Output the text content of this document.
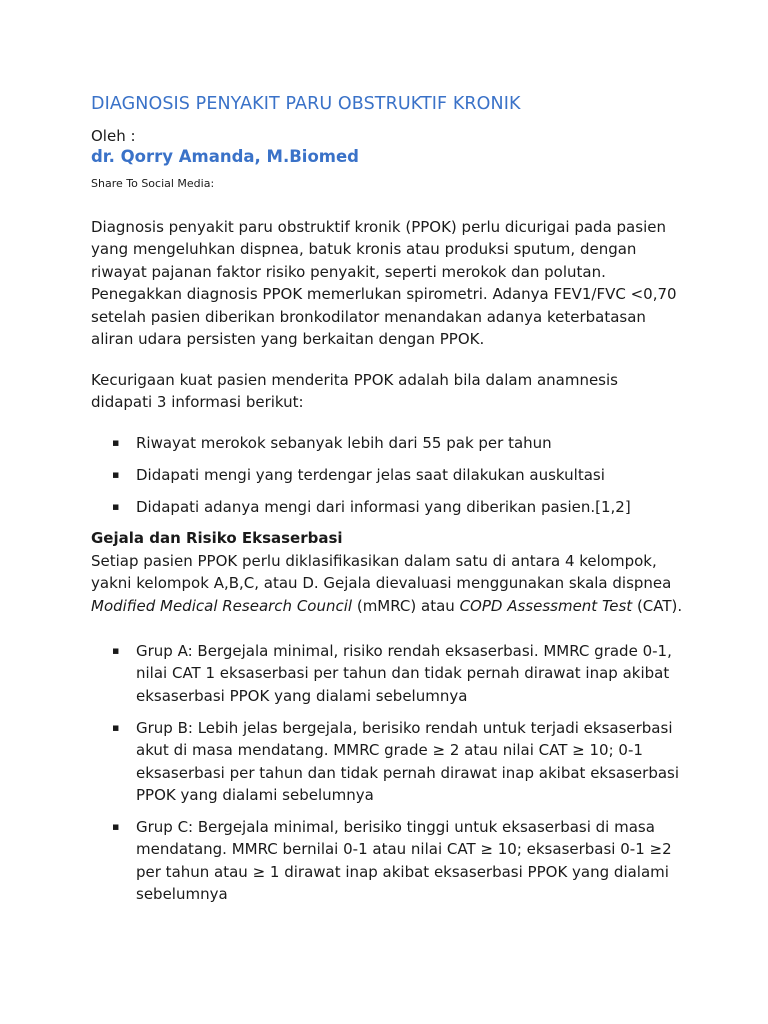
DIAGNOSIS PENYAKIT PARU OBSTRUKTIF KRONIK

Oleh :

dr. Qorry Amanda, M.Biomed

Share To Social Media:

Diagnosis penyakit paru obstruktif kronik (PPOK) perlu dicurigai pada pasien yang mengeluhkan dispnea, batuk kronis atau produksi sputum, dengan riwayat pajanan faktor risiko penyakit, seperti merokok dan polutan. Penegakkan diagnosis PPOK memerlukan spirometri. Adanya FEV1/FVC <0,70 setelah pasien diberikan bronkodilator menandakan adanya keterbatasan aliran udara persisten yang berkaitan dengan PPOK.

Kecurigaan kuat pasien menderita PPOK adalah bila dalam anamnesis didapati 3 informasi berikut:

▪ Riwayat merokok sebanyak lebih dari 55 pak per tahun
▪ Didapati mengi yang terdengar jelas saat dilakukan auskultasi
▪ Didapati adanya mengi dari informasi yang diberikan pasien.[1,2]
Gejala dan Risiko Eksaserbasi

Setiap pasien PPOK perlu diklasifikasikan dalam satu di antara 4 kelompok, yakni kelompok A,B,C, atau D. Gejala dievaluasi menggunakan skala dispnea Modified Medical Research Council (mMRC) atau COPD Assessment Test (CAT).

▪ Grup A: Bergejala minimal, risiko rendah eksaserbasi. MMRC grade 0-1, nilai CAT 1 eksaserbasi per tahun dan tidak pernah dirawat inap akibat eksaserbasi PPOK yang dialami sebelumnya
▪ Grup B: Lebih jelas bergejala, berisiko rendah untuk terjadi eksaserbasi akut di masa mendatang. MMRC grade ≥ 2 atau nilai CAT ≥ 10; 0-1 eksaserbasi per tahun dan tidak pernah dirawat inap akibat eksaserbasi PPOK yang dialami sebelumnya
▪ Grup C: Bergejala minimal, berisiko tinggi untuk eksaserbasi di masa mendatang. MMRC bernilai 0-1 atau nilai CAT ≥ 10; eksaserbasi 0-1 ≥2 per tahun atau ≥ 1 dirawat inap akibat eksaserbasi PPOK yang dialami sebelumnya
